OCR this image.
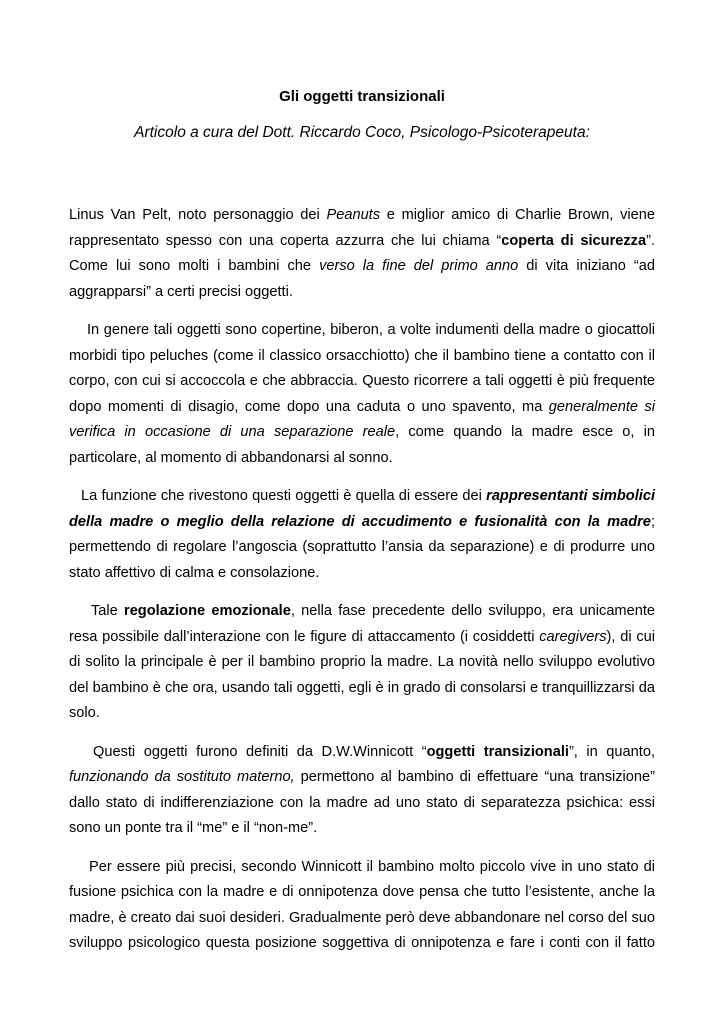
Gli oggetti transizionali
Articolo a cura del Dott. Riccardo Coco, Psicologo-Psicoterapeuta:

Linus Van Pelt, noto personaggio dei Peanuts e miglior amico di Charlie Brown, viene rappresentato spesso con una coperta azzurra che lui chiama “coperta di sicurezza”. Come lui sono molti i bambini che verso la fine del primo anno di vita iniziano “ad aggrapparsi” a certi precisi oggetti.

In genere tali oggetti sono copertine, biberon, a volte indumenti della madre o giocattoli morbidi tipo peluches (come il classico orsacchiotto) che il bambino tiene a contatto con il corpo, con cui si accoccola e che abbraccia. Questo ricorrere a tali oggetti è più frequente dopo momenti di disagio, come dopo una caduta o uno spavento, ma generalmente si verifica in occasione di una separazione reale, come quando la madre esce o, in particolare, al momento di abbandonarsi al sonno.

La funzione che rivestono questi oggetti è quella di essere dei rappresentanti simbolici della madre o meglio della relazione di accudimento e fusionalità con la madre; permettendo di regolare l’angoscia (soprattutto l’ansia da separazione) e di produrre uno stato affettivo di calma e consolazione.

Tale regolazione emozionale, nella fase precedente dello sviluppo, era unicamente resa possibile dall’interazione con le figure di attaccamento (i cosiddetti caregivers), di cui di solito la principale è per il bambino proprio la madre. La novità nello sviluppo evolutivo del bambino è che ora, usando tali oggetti, egli è in grado di consolarsi e tranquillizzarsi da solo.

Questi oggetti furono definiti da D.W.Winnicott “oggetti transizionali”, in quanto, funzionando da sostituto materno, permettono al bambino di effettuare “una transizione” dallo stato di indifferenziazione con la madre ad uno stato di separatezza psichica: essi sono un ponte tra il “me” e il “non-me”.

Per essere più precisi, secondo Winnicott il bambino molto piccolo vive in uno stato di fusione psichica con la madre e di onnipotenza dove pensa che tutto l’esistente, anche la madre, è creato dai suoi desideri. Gradualmente però deve abbandonare nel corso del suo sviluppo psicologico questa posizione soggettiva di onnipotenza e fare i conti con il fatto
